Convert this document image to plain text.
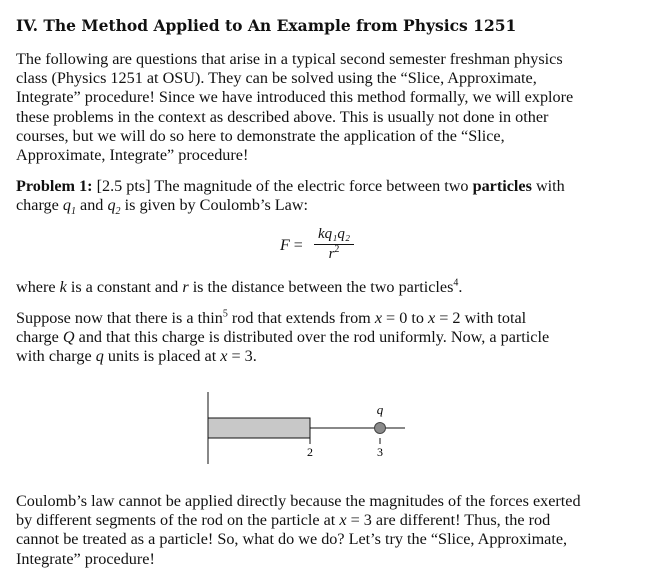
IV. The Method Applied to An Example from Physics 1251
The following are questions that arise in a typical second semester freshman physics
class (Physics 1251 at OSU). They can be solved using the “Slice, Approximate,
Integrate” procedure! Since we have introduced this method formally, we will explore
these problems in the context as described above. This is usually not done in other
courses, but we will do so here to demonstrate the application of the “Slice,
Approximate, Integrate” procedure!
Problem 1: [2.5 pts] The magnitude of the electric force between two particles with
charge $q_1$ and $q_2$ is given by Coulomb’s Law:
F =
kq₁q₂
$r^2$
where k is a constant and r is the distance between the two particles$^4$.
Suppose now that there is a thin$^5$ rod that extends from x = 0 to x = 2 with total
charge Q and that this charge is distributed over the rod uniformly. Now, a particle
with charge q units is placed at x = 3.
q
2	3
Coulomb’s law cannot be applied directly because the magnitudes of the forces exerted
by different segments of the rod on the particle at x = 3 are different! Thus, the rod
cannot be treated as a particle! So, what do we do? Let’s try the “Slice, Approximate,
Integrate” procedure!
